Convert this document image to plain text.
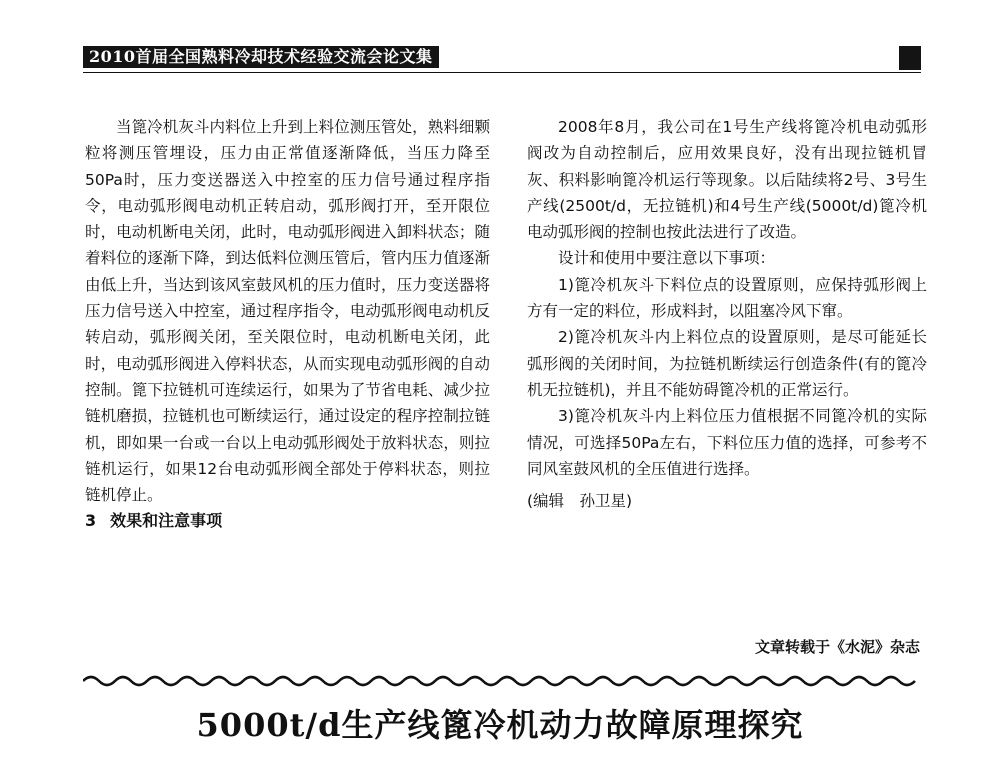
2010首届全国熟料冷却技术经验交流会论文集

当篦冷机灰斗内料位上升到上料位测压管处，熟料细颗粒将测压管埋设，压力由正常值逐渐降低，当压力降至50Pa时，压力变送器送入中控室的压力信号通过程序指令，电动弧形阀电动机正转启动，弧形阀打开，至开限位时，电动机断电关闭，此时，电动弧形阀进入卸料状态；随着料位的逐渐下降，到达低料位测压管后，管内压力值逐渐由低上升，当达到该风室鼓风机的压力值时，压力变送器将压力信号送入中控室，通过程序指令，电动弧形阀电动机反转启动，弧形阀关闭，至关限位时，电动机断电关闭，此时，电动弧形阀进入停料状态，从而实现电动弧形阀的自动控制。篦下拉链机可连续运行，如果为了节省电耗、减少拉链机磨损，拉链机也可断续运行，通过设定的程序控制拉链机，即如果一台或一台以上电动弧形阀处于放料状态，则拉链机运行，如果12台电动弧形阀全部处于停料状态，则拉链机停止。

3 效果和注意事项

2008年8月，我公司在1号生产线将篦冷机电动弧形阀改为自动控制后，应用效果良好，没有出现拉链机冒灰、积料影响篦冷机运行等现象。以后陆续将2号、3号生产线(2500t/d，无拉链机)和4号生产线(5000t/d)篦冷机电动弧形阀的控制也按此法进行了改造。

设计和使用中要注意以下事项：

1)篦冷机灰斗下料位点的设置原则，应保持弧形阀上方有一定的料位，形成料封，以阻塞冷风下窜。

2)篦冷机灰斗内上料位点的设置原则，是尽可能延长弧形阀的关闭时间，为拉链机断续运行创造条件(有的篦冷机无拉链机)，并且不能妨碍篦冷机的正常运行。

3)篦冷机灰斗内上料位压力值根据不同篦冷机的实际情况，可选择50Pa左右，下料位压力值的选择，可参考不同风室鼓风机的全压值进行选择。

(编辑　孙卫星)

文章转载于《水泥》杂志
5000t/d生产线篦冷机动力故障原理探究
